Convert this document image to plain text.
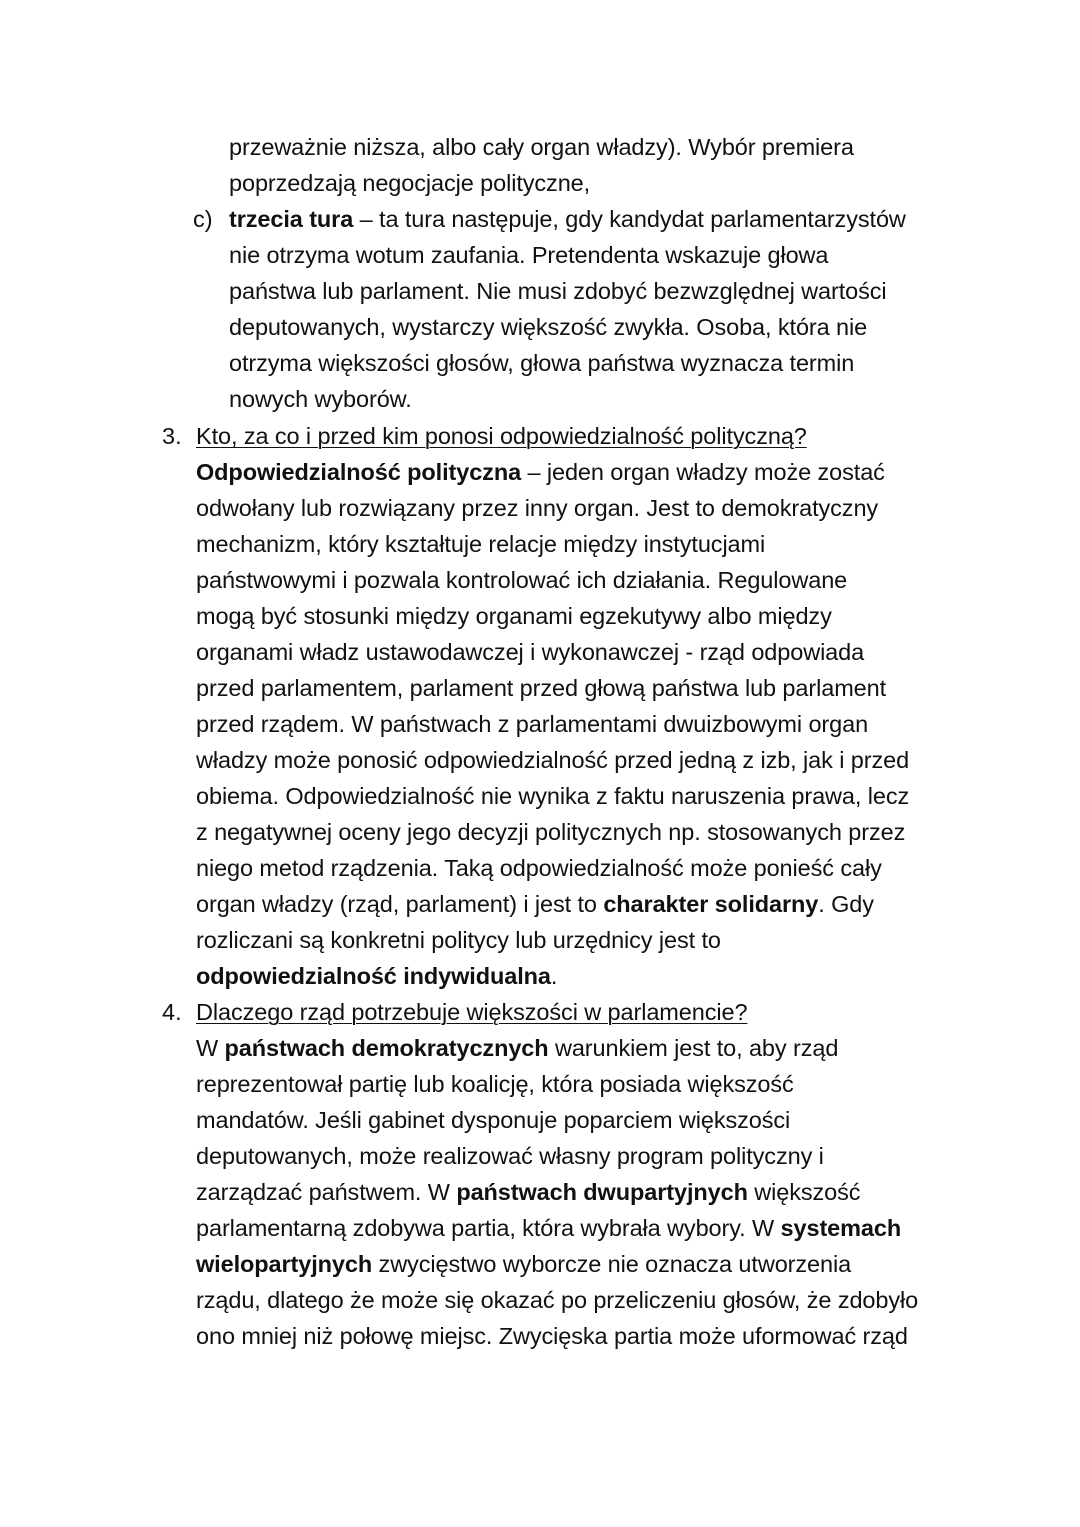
przeważnie niższa, albo cały organ władzy). Wybór premiera
poprzedzają negocjacje polityczne,
c) trzecia tura – ta tura następuje, gdy kandydat parlamentarzystów
nie otrzyma wotum zaufania. Pretendenta wskazuje głowa
państwa lub parlament. Nie musi zdobyć bezwzględnej wartości
deputowanych, wystarczy większość zwykła. Osoba, która nie
otrzyma większości głosów, głowa państwa wyznacza termin
nowych wyborów.
3. Kto, za co i przed kim ponosi odpowiedzialność polityczną?
Odpowiedzialność polityczna – jeden organ władzy może zostać
odwołany lub rozwiązany przez inny organ. Jest to demokratyczny
mechanizm, który kształtuje relacje między instytucjami
państwowymi i pozwala kontrolować ich działania. Regulowane
mogą być stosunki między organami egzekutywy albo między
organami władz ustawodawczej i wykonawczej - rząd odpowiada
przed parlamentem, parlament przed głową państwa lub parlament
przed rządem. W państwach z parlamentami dwuizbowymi organ
władzy może ponosić odpowiedzialność przed jedną z izb, jak i przed
obiema. Odpowiedzialność nie wynika z faktu naruszenia prawa, lecz
z negatywnej oceny jego decyzji politycznych np. stosowanych przez
niego metod rządzenia. Taką odpowiedzialność może ponieść cały
organ władzy (rząd, parlament) i jest to charakter solidarny. Gdy
rozliczani są konkretni politycy lub urzędnicy jest to
odpowiedzialność indywidualna.
4. Dlaczego rząd potrzebuje większości w parlamencie?
W państwach demokratycznych warunkiem jest to, aby rząd
reprezentował partię lub koalicję, która posiada większość
mandatów. Jeśli gabinet dysponuje poparciem większości
deputowanych, może realizować własny program polityczny i
zarządzać państwem. W państwach dwupartyjnych większość
parlamentarną zdobywa partia, która wybrała wybory. W systemach
wielopartyjnych zwycięstwo wyborcze nie oznacza utworzenia
rządu, dlatego że może się okazać po przeliczeniu głosów, że zdobyło
ono mniej niż połowę miejsc. Zwycięska partia może uformować rząd
